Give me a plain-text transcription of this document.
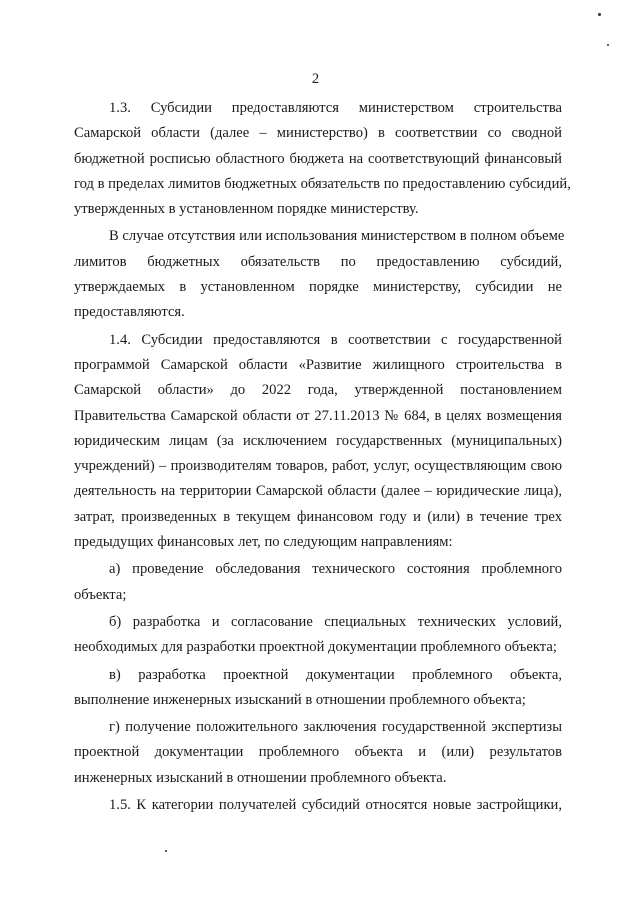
2
1.3. Субсидии предоставляются министерством строительства
Самарской области (далее – министерство) в соответствии со сводной
бюджетной росписью областного бюджета на соответствующий финансовый
год в пределах лимитов бюджетных обязательств по предоставлению субсидий,
утвержденных в установленном порядке министерству.
В случае отсутствия или использования министерством в полном объеме
лимитов бюджетных обязательств по предоставлению субсидий,
утверждаемых в установленном порядке министерству, субсидии не
предоставляются.
1.4. Субсидии предоставляются в соответствии с государственной
программой Самарской области «Развитие жилищного строительства в
Самарской области» до 2022 года, утвержденной постановлением
Правительства Самарской области от 27.11.2013 № 684, в целях возмещения
юридическим лицам (за исключением государственных (муниципальных)
учреждений) – производителям товаров, работ, услуг, осуществляющим свою
деятельность на территории Самарской области (далее – юридические лица),
затрат, произведенных в текущем финансовом году и (или) в течение трех
предыдущих финансовых лет, по следующим направлениям:
а) проведение обследования технического состояния проблемного
объекта;
б) разработка и согласование специальных технических условий,
необходимых для разработки проектной документации проблемного объекта;
в) разработка проектной документации проблемного объекта,
выполнение инженерных изысканий в отношении проблемного объекта;
г) получение положительного заключения государственной экспертизы
проектной документации проблемного объекта и (или) результатов
инженерных изысканий в отношении проблемного объекта.
1.5. К категории получателей субсидий относятся новые застройщики,
